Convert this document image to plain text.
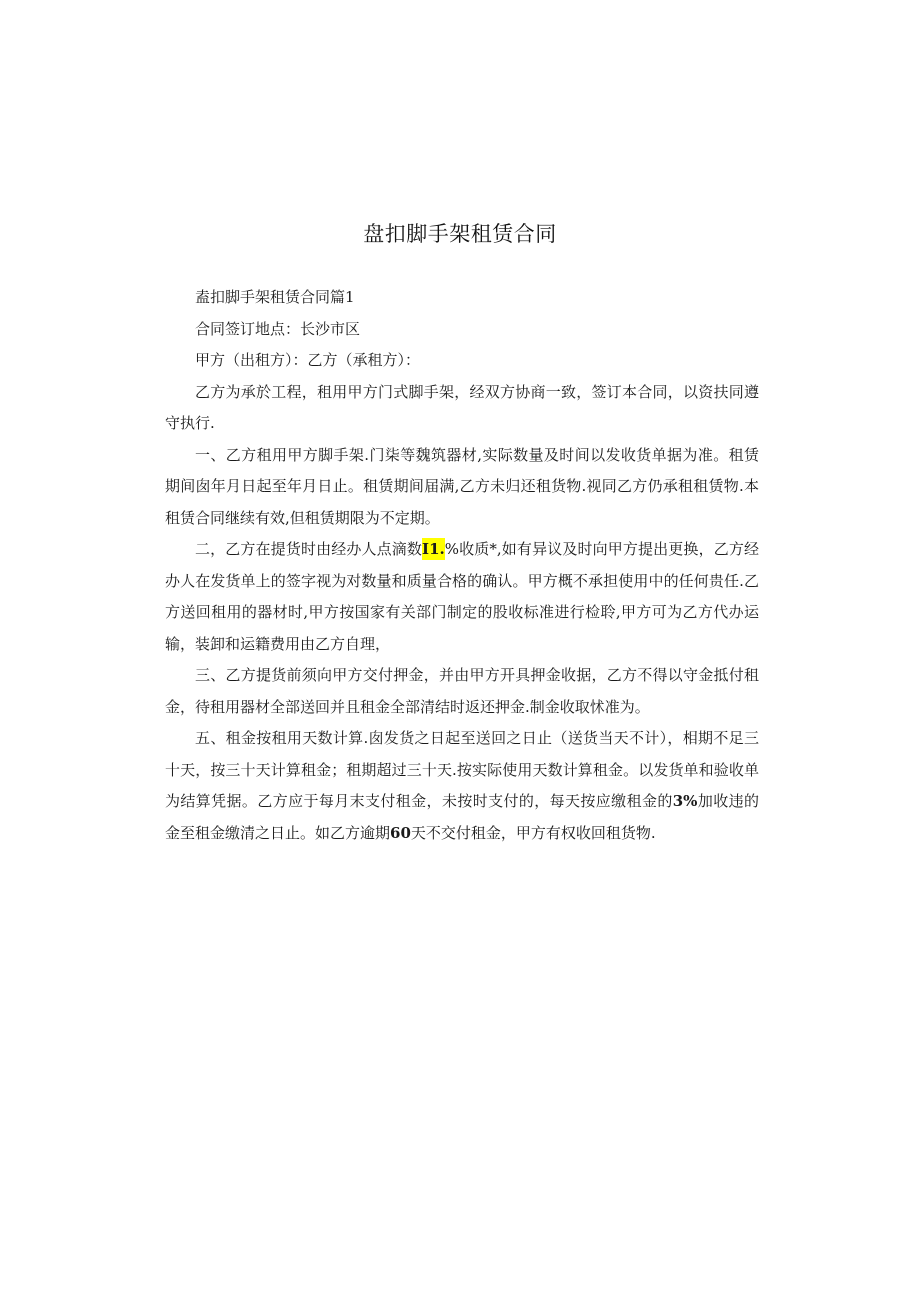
盘扣脚手架租赁合同

盍扣脚手架租赁合同篇1

合同签订地点：长沙市区

甲方（出租方）：乙方（承租方）：

乙方为承於工程，租用甲方门式脚手架，经双方协商一致，签订本合同，以资扶同遵守执行.

一、乙方租用甲方脚手架.门柒等魏筑器材,实际数量及时间以发收货单据为准。租赁期间囱年月日起至年月日止。租赁期间届满,乙方未归还租货物.视同乙方仍承租租赁物.本租赁合同继续有效,但租赁期限为不定期。

二，乙方在提货时由经办人点滴数I1.%收质*,如有异议及时向甲方提出更换，乙方经办人在发货单上的签字视为对数量和质量合格的确认。甲方概不承担使用中的任何贵任.乙方送回租用的器材时,甲方按国家有关部门制定的股收标准进行检聆,甲方可为乙方代办运输，装卸和运籍费用由乙方自理，

三、乙方提货前须向甲方交付押金，并由甲方开具押金收据，乙方不得以守金抵付租金，待租用器材全部送回并且租金全部清结时返还押金.制金收取怵准为。

五、租金按租用天数计算.囱发货之日起至送回之日止（送货当天不计），相期不足三十天，按三十天计算租金；租期超过三十天.按实际使用天数计算租金。以发货单和验收单为结算凭据。乙方应于每月末支付租金，未按时支付的，每天按应缴租金的3%加收违的金至租金缴清之日止。如乙方逾期60天不交付租金，甲方有权收回租货物.
